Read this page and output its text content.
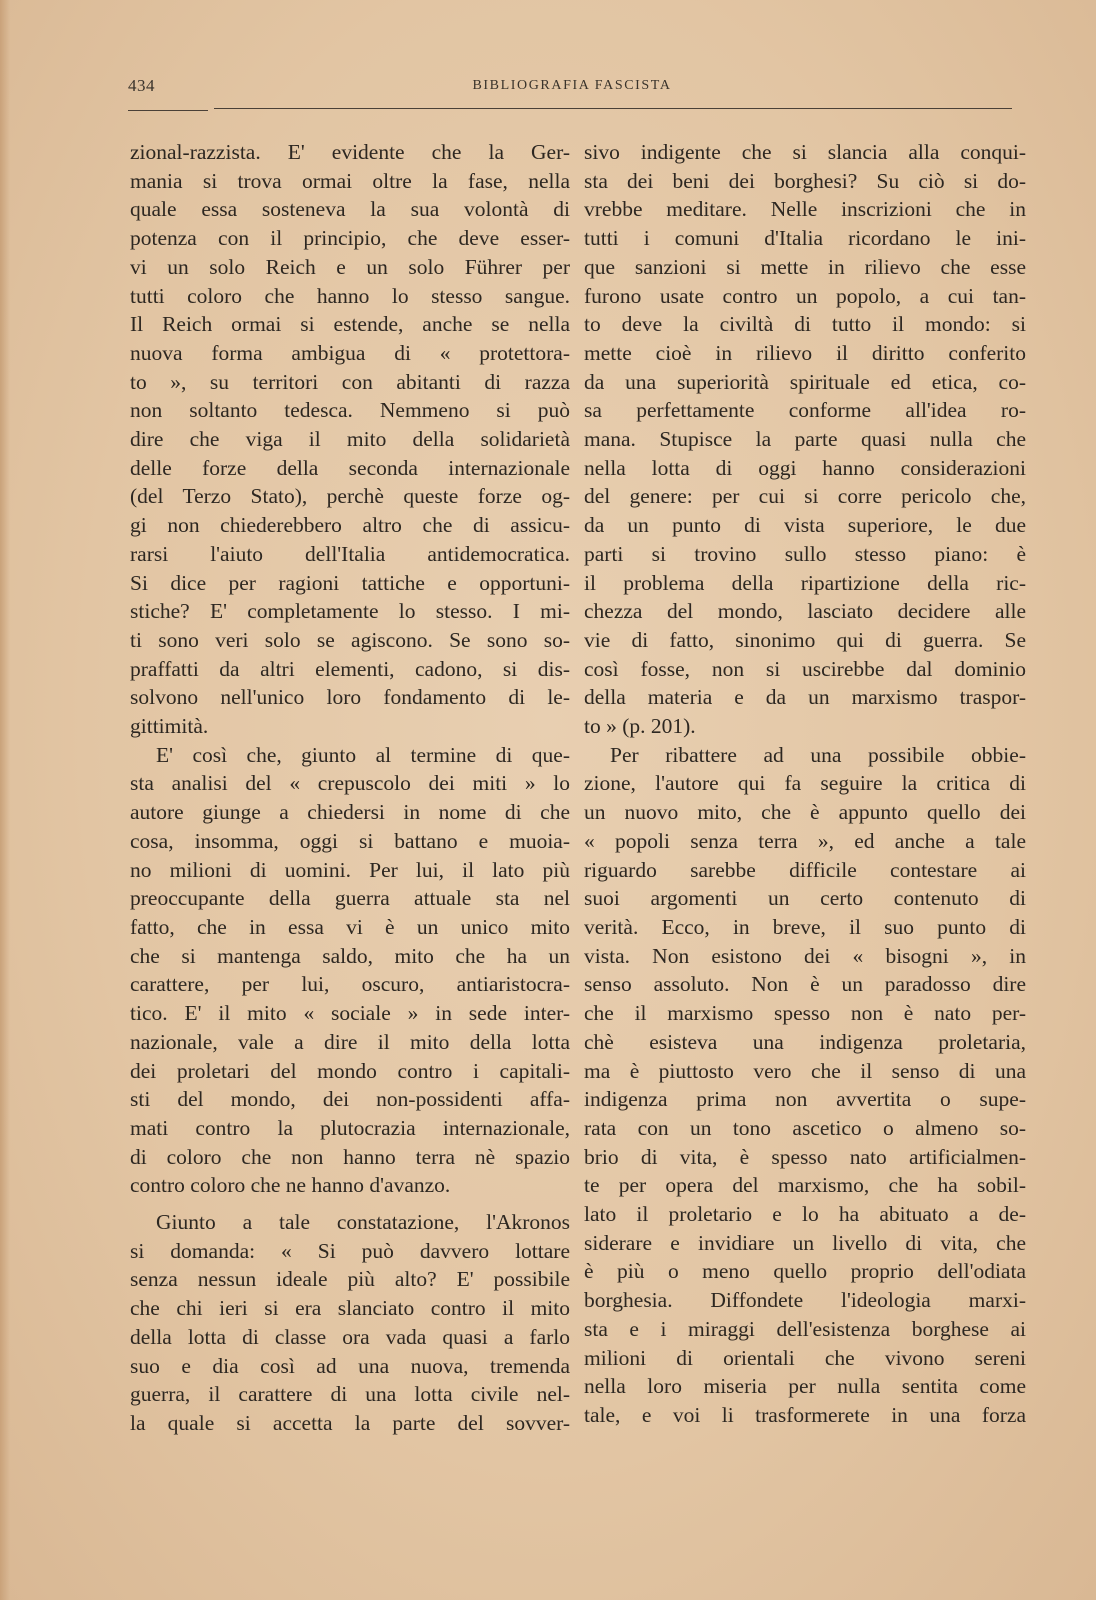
434	BIBLIOGRAFIA FASCISTA
zional-razzista. E' evidente che la Ger-
mania si trova ormai oltre la fase, nella
quale essa sosteneva la sua volontà di
potenza con il principio, che deve esser-
vi un solo Reich e un solo Führer per
tutti coloro che hanno lo stesso sangue.
Il Reich ormai si estende, anche se nella
nuova forma ambigua di « protettora-
to », su territori con abitanti di razza
non soltanto tedesca. Nemmeno si può
dire che viga il mito della solidarietà
delle forze della seconda internazionale
(del Terzo Stato), perchè queste forze og-
gi non chiederebbero altro che di assicu-
rarsi l'aiuto dell'Italia antidemocratica.
Si dice per ragioni tattiche e opportuni-
stiche? E' completamente lo stesso. I mi-
ti sono veri solo se agiscono. Se sono so-
praffatti da altri elementi, cadono, si dis-
solvono nell'unico loro fondamento di le-
gittimità.
E' così che, giunto al termine di que-
sta analisi del « crepuscolo dei miti » lo
autore giunge a chiedersi in nome di che
cosa, insomma, oggi si battano e muoia-
no milioni di uomini. Per lui, il lato più
preoccupante della guerra attuale sta nel
fatto, che in essa vi è un unico mito
che si mantenga saldo, mito che ha un
carattere, per lui, oscuro, antiaristocra-
tico. E' il mito « sociale » in sede inter-
nazionale, vale a dire il mito della lotta
dei proletari del mondo contro i capitali-
sti del mondo, dei non-possidenti affa-
mati contro la plutocrazia internazionale,
di coloro che non hanno terra nè spazio
contro coloro che ne hanno d'avanzo.
Giunto a tale constatazione, l'Akronos
si domanda: « Si può davvero lottare
senza nessun ideale più alto? E' possibile
che chi ieri si era slanciato contro il mito
della lotta di classe ora vada quasi a farlo
suo e dia così ad una nuova, tremenda
guerra, il carattere di una lotta civile nel-
la quale si accetta la parte del sovver-
sivo indigente che si slancia alla conqui-
sta dei beni dei borghesi? Su ciò si do-
vrebbe meditare. Nelle inscrizioni che in
tutti i comuni d'Italia ricordano le ini-
que sanzioni si mette in rilievo che esse
furono usate contro un popolo, a cui tan-
to deve la civiltà di tutto il mondo: si
mette cioè in rilievo il diritto conferito
da una superiorità spirituale ed etica, co-
sa perfettamente conforme all'idea ro-
mana. Stupisce la parte quasi nulla che
nella lotta di oggi hanno considerazioni
del genere: per cui si corre pericolo che,
da un punto di vista superiore, le due
parti si trovino sullo stesso piano: è
il problema della ripartizione della ric-
chezza del mondo, lasciato decidere alle
vie di fatto, sinonimo qui di guerra. Se
così fosse, non si uscirebbe dal dominio
della materia e da un marxismo traspor-
to » (p. 201).
Per ribattere ad una possibile obbie-
zione, l'autore qui fa seguire la critica di
un nuovo mito, che è appunto quello dei
« popoli senza terra », ed anche a tale
riguardo sarebbe difficile contestare ai
suoi argomenti un certo contenuto di
verità. Ecco, in breve, il suo punto di
vista. Non esistono dei « bisogni », in
senso assoluto. Non è un paradosso dire
che il marxismo spesso non è nato per-
chè esisteva una indigenza proletaria,
ma è piuttosto vero che il senso di una
indigenza prima non avvertita o supe-
rata con un tono ascetico o almeno so-
brio di vita, è spesso nato artificialmen-
te per opera del marxismo, che ha sobil-
lato il proletario e lo ha abituato a de-
siderare e invidiare un livello di vita, che
è più o meno quello proprio dell'odiata
borghesia. Diffondete l'ideologia marxi-
sta e i miraggi dell'esistenza borghese ai
milioni di orientali che vivono sereni
nella loro miseria per nulla sentita come
tale, e voi li trasformerete in una forza
